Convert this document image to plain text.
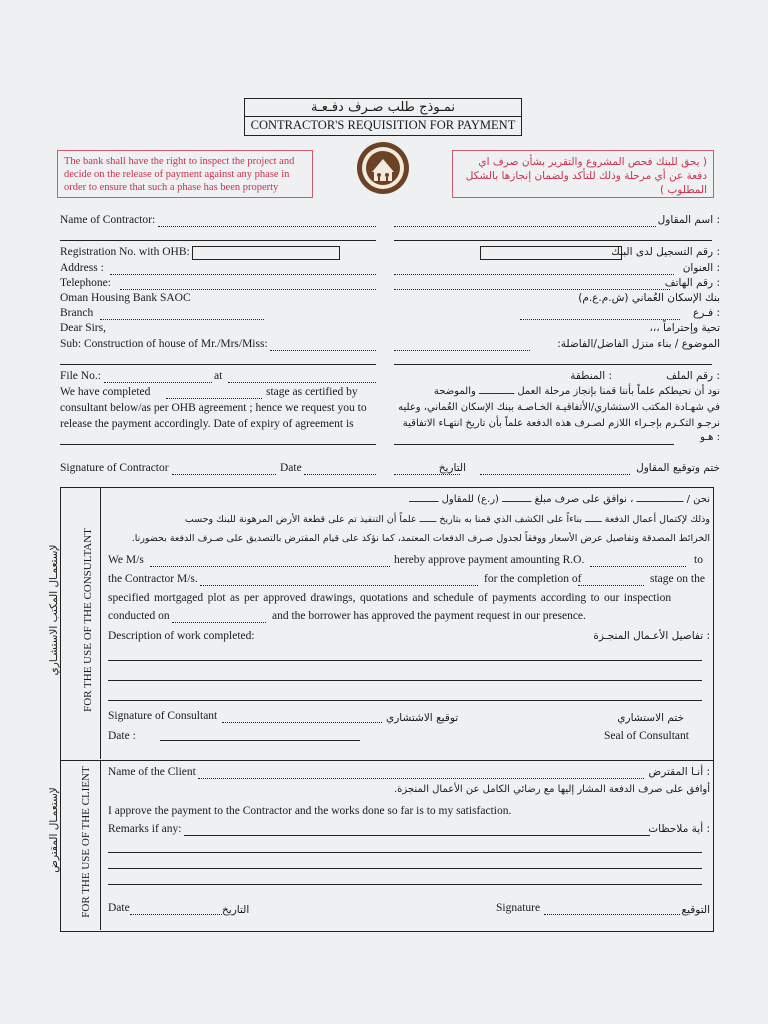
نمـوذج طلب صـرف دفـعـة
CONTRACTOR'S REQUISITION FOR PAYMENT
The bank shall have the right to inspect the project and decide on the release of payment against any phase in order to ensure that such a phase has been property
( يحق للبنك فحص المشروع والتقرير بشأن صرف اي دفعة عن أي مرحلة وذلك للتأكد ولضمان إنجازها بالشكل المطلوب )
Name of Contractor:	: اسم المقاول
Registration No. with OHB:	: رقم التسجيل لدى البنك
Address :	: العنوان
Telephone:	: رقم الهاتف
Oman Housing Bank SAOC	بنك الإسكان العُماني (ش.م.ع.م)
Branch	: فـرع
Dear Sirs,	تحية وإحتراماً ،،،
Sub: Construction of house of Mr./Mrs/Miss:	الموضوع / بناء منزل الفاضل/الفاضلة:
File No.:	at	: رقم الملف
: المنطقة
We have completed	stage as certified by
consultant below/as per OHB agreement ; hence we request you to
release the payment accordingly. Date of expiry of agreement is
نود أن نحيطكم علماً بأننا قمنا بإنجاز مرحلة العمل ــــــــــــ والموضحة
في شهـادة المكتب الاستشاري/الأتفاقيـة الخـاصـة ببنك الإسكان العُماني، وعليه
نرجـو التكـرم بإجـراء اللازم لصـرف هذه الدفعة علماً بأن تاريخ انتهـاء الاتفاقية
: هـو
Signature of Contractor	Date	ختم وتوقيع المقاول
التاريخ
لإستعمـال المكتب الاستشـاري FOR THE USE OF THE CONSULTANT
نحن / ــــــــــــــــ ، نوافق على صرف مبلغ ــــــــــ (ر.ع) للمقاول ــــــــــ
وذلك لإكتمال أعمال الدفعة ــــــ بناءاً على الكشف الذي قمنا به بتاريخ ــــــ علماً أن التنفيذ تم على قطعة الأرض المرهونة للبنك وحسب
الخرائط المصدقة وتفاصيل عرض الأسعار ووفقاً لجدول صـرف الدفعات المعتمد، كما نؤكد على قيام المقترض بالتصديق على صـرف الدفعة بحضورنا.
We M/s	hereby approve payment amounting R.O.	to
the Contractor M/s.	for the completion of	stage on the
specified mortgaged plot as per approved drawings, quotations and schedule of payments according to our inspection
conducted on	and the borrower has approved the payment request in our presence.
Description of work completed:	: تفاصيل الأعـمال المنجـزة
Signature of Consultant	توقيع الاشتشاري	ختم الاستشاري
Date :	Seal of Consultant
لإستعمـال المقترض FOR THE USE OF THE CLIENT Name of the Client	: أنـا المقترض
أوافق على صرف الدفعة المشار إليها مع رضائي الكامل عن الأعمال المنجزة.
I approve the payment to the Contractor and the works done so far is to my satisfaction.
Remarks if any:	: أية ملاحظات
Date	التاريخ	Signature	التوقيع
